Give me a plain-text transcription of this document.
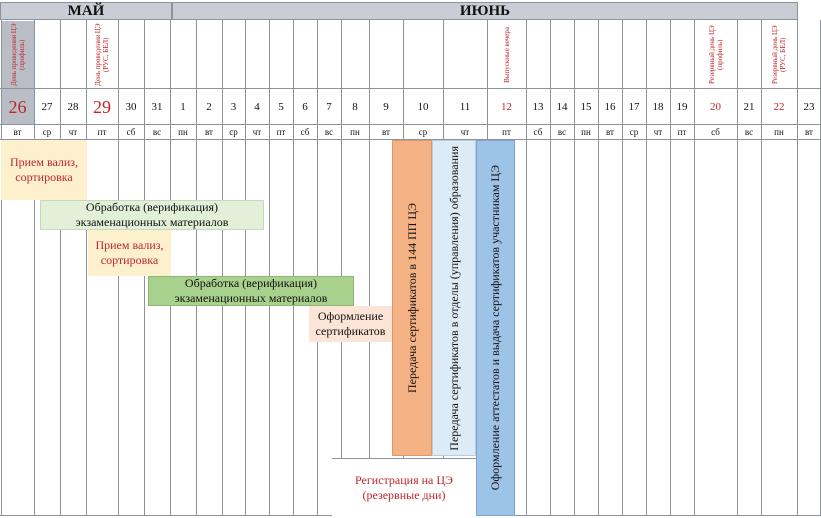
МАЙ	ИЮНЬ
День проведения ЦЭ (профиль)
26
вт
27
ср
28
чт
День проведения ЦЭ (РУС, БЕЛ)
29
пт
30
сб
31
вс
1
пн
2
вт
3
ср
4
чт
5
пт
6
сб
7
вс
8
пн
9
вт
10
ср
11
чт
Выпускные вечера
12
пт
13
сб
14
вс
15
пн
16
вт
17
ср
18
чт
19
пт
Резервный день ЦЭ (профиль)
20
сб
21
вс
Резервный день ЦЭ (РУС, БЕЛ)
22
пн
23
вт
Прием вализ, сортировка
Обработка (верификация) экзаменационных материалов
Прием вализ, сортировка
Обработка (верификация) экзаменационных материалов
Оформление сертификатов	Передача сертификатов в 144 ПП ЦЭ Передача сертификатов в отделы (управления) образования Оформление аттестатов и выдача сертификатов участникам ЦЭ
Регистрация на ЦЭ (резервные дни)
